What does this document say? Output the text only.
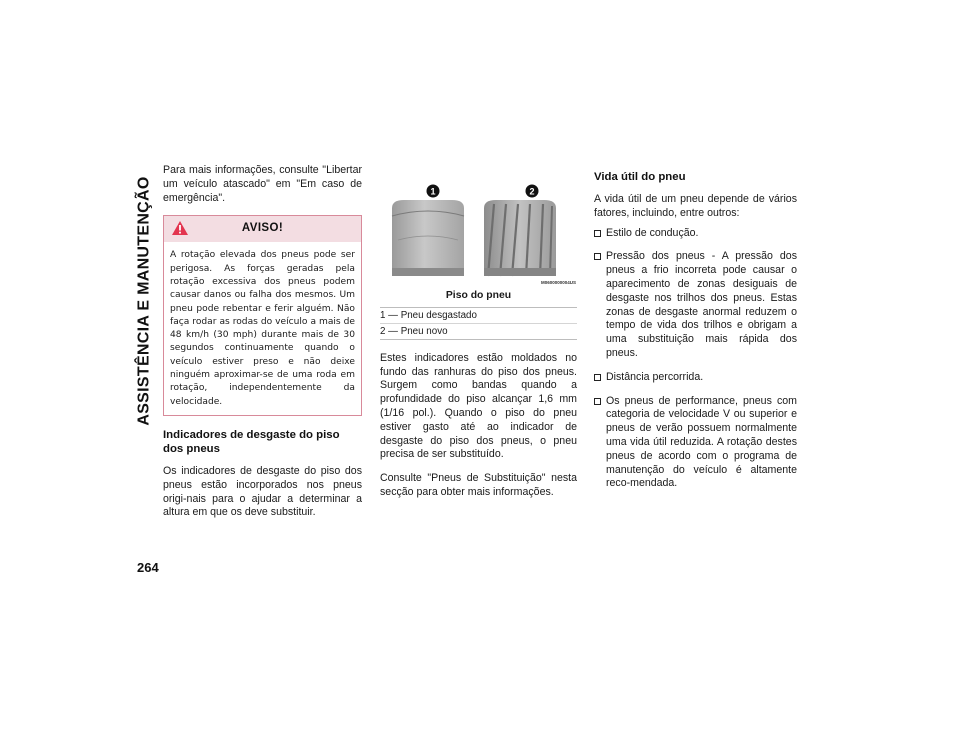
ASSISTÊNCIA E MANUTENÇÃO
264

Para mais informações, consulte "Libertar um veículo atascado" em "Em caso de emergência".

AVISO!
A rotação elevada dos pneus pode ser perigosa. As forças geradas pela rotação excessiva dos pneus podem causar danos ou falha dos mesmos. Um pneu pode rebentar e ferir alguém. Não faça rodar as rodas do veículo a mais de 48 km/h (30 mph) durante mais de 30 segundos continuamente quando o veículo estiver preso e não deixe ninguém aproximar-se de uma roda em rotação, independentemente da velocidade.
Indicadores de desgaste do piso dos pneus

Os indicadores de desgaste do piso dos pneus estão incorporados nos pneus origi-nais para o ajudar a determinar a altura em que os deve substituir.

1	2
M0600000004US
Piso do pneu
1 — Pneu desgastado
2 — Pneu novo

Estes indicadores estão moldados no fundo das ranhuras do piso dos pneus. Surgem como bandas quando a profundidade do piso alcançar 1,6 mm (1/16 pol.). Quando o piso do pneu estiver gasto até ao indicador de desgaste do piso dos pneus, o pneu precisa de ser substituído.

Consulte "Pneus de Substituição" nesta secção para obter mais informações.

Vida útil do pneu

A vida útil de um pneu depende de vários fatores, incluindo, entre outros:

Estilo de condução.
Pressão dos pneus - A pressão dos pneus a frio incorreta pode causar o aparecimento de zonas desiguais de desgaste nos trilhos dos pneus. Estas zonas de desgaste anormal reduzem o tempo de vida dos trilhos e obrigam a uma substituição mais rápida dos pneus.
Distância percorrida.
Os pneus de performance, pneus com categoria de velocidade V ou superior e pneus de verão possuem normalmente uma vida útil reduzida. A rotação destes pneus de acordo com o programa de manutenção do veículo é altamente reco-mendada.
